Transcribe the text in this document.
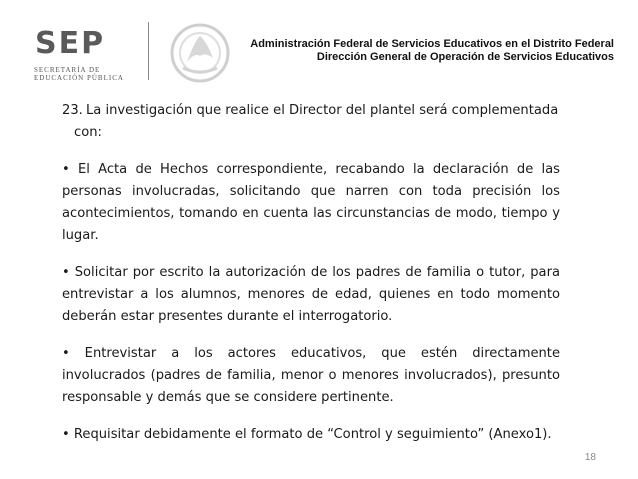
SEP
SECRETARÍA DE
EDUCACIÓN PÚBLICA
Administración Federal de Servicios Educativos en el Distrito Federal
Dirección General de Operación de Servicios Educativos
23. La investigación que realice el Director del plantel será complementada
con:
• El Acta de Hechos correspondiente, recabando la declaración de las personas involucradas, solicitando que narren con toda precisión los acontecimientos, tomando en cuenta las circunstancias de modo, tiempo y lugar.
• Solicitar por escrito la autorización de los padres de familia o tutor, para entrevistar a los alumnos, menores de edad, quienes en todo momento deberán estar presentes durante el interrogatorio.
• Entrevistar a los actores educativos, que estén directamente involucrados (padres de familia, menor o menores involucrados), presunto responsable y demás que se considere pertinente.
• Requisitar debidamente el formato de “Control y seguimiento” (Anexo1).
18
